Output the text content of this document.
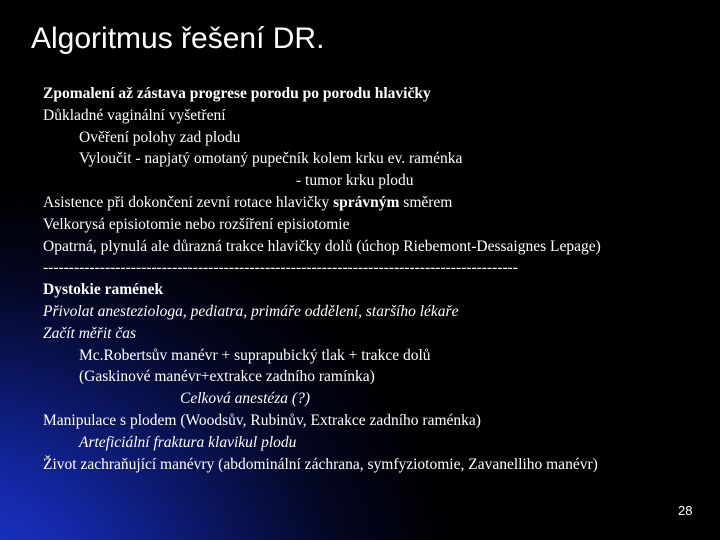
Algoritmus řešení DR.
Zpomalení až zástava progrese porodu po porodu hlavičky
Důkladné vaginální vyšetření
Ověření polohy zad plodu
Vyloučit - napjatý omotaný pupečník kolem krku ev. raménka
- tumor krku plodu
Asistence při dokončení zevní rotace hlavičky správným směrem
Velkorysá episiotomie nebo rozšíření episiotomie
Opatrná, plynulá ale důrazná trakce hlavičky dolů (úchop Riebemont-Dessaignes Lepage)
--------------------------------------------------------------------------------------------
Dystokie ramének
Přivolat anesteziologa, pediatra, primáře oddělení, staršího lékaře
Začít měřit čas
Mc.Robertsův manévr + suprapubický tlak + trakce dolů
(Gaskinové manévr+extrakce zadního ramínka)
Celková anestéza (?)
Manipulace s plodem (Woodsův, Rubinův, Extrakce zadního raménka)
Arteficiální fraktura klavikul plodu
Život zachraňující manévry (abdominální záchrana, symfyziotomie, Zavanelliho manévr)
28
